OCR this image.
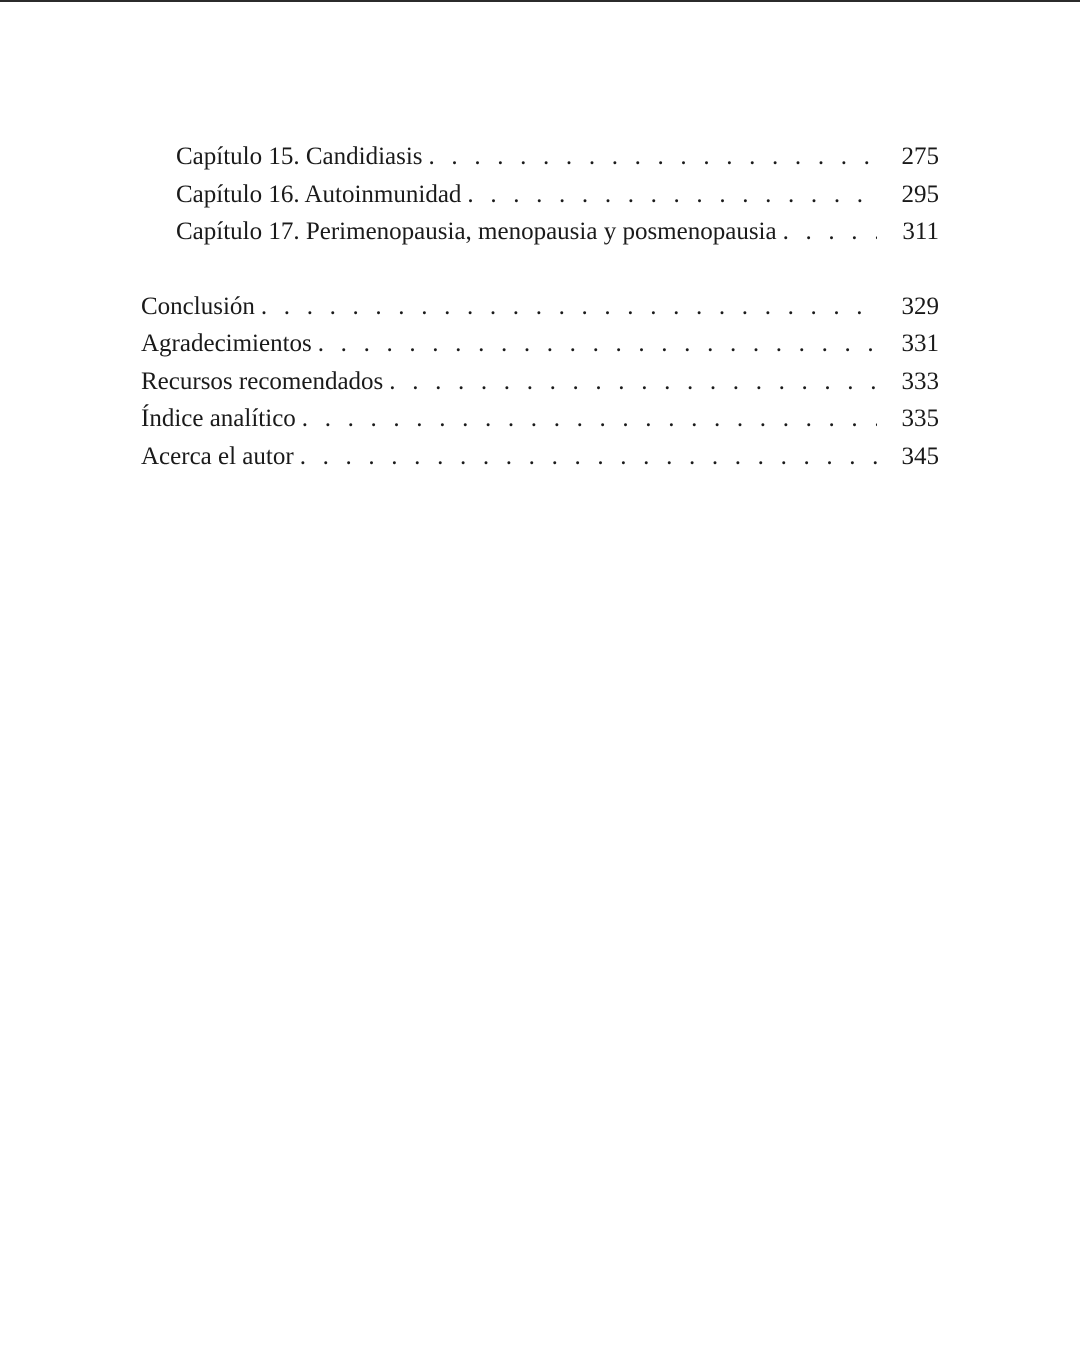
Capítulo 15. Candidiasis . . .	275
Capítulo 16. Autoinmunidad . . .	295
Capítulo 17. Perimenopausia, menopausia y posmenopausia . . .	311
Conclusión . . .	329
Agradecimientos . . .	331
Recursos recomendados . . .	333
Índice analítico . . .	335
Acerca el autor . . .	345
